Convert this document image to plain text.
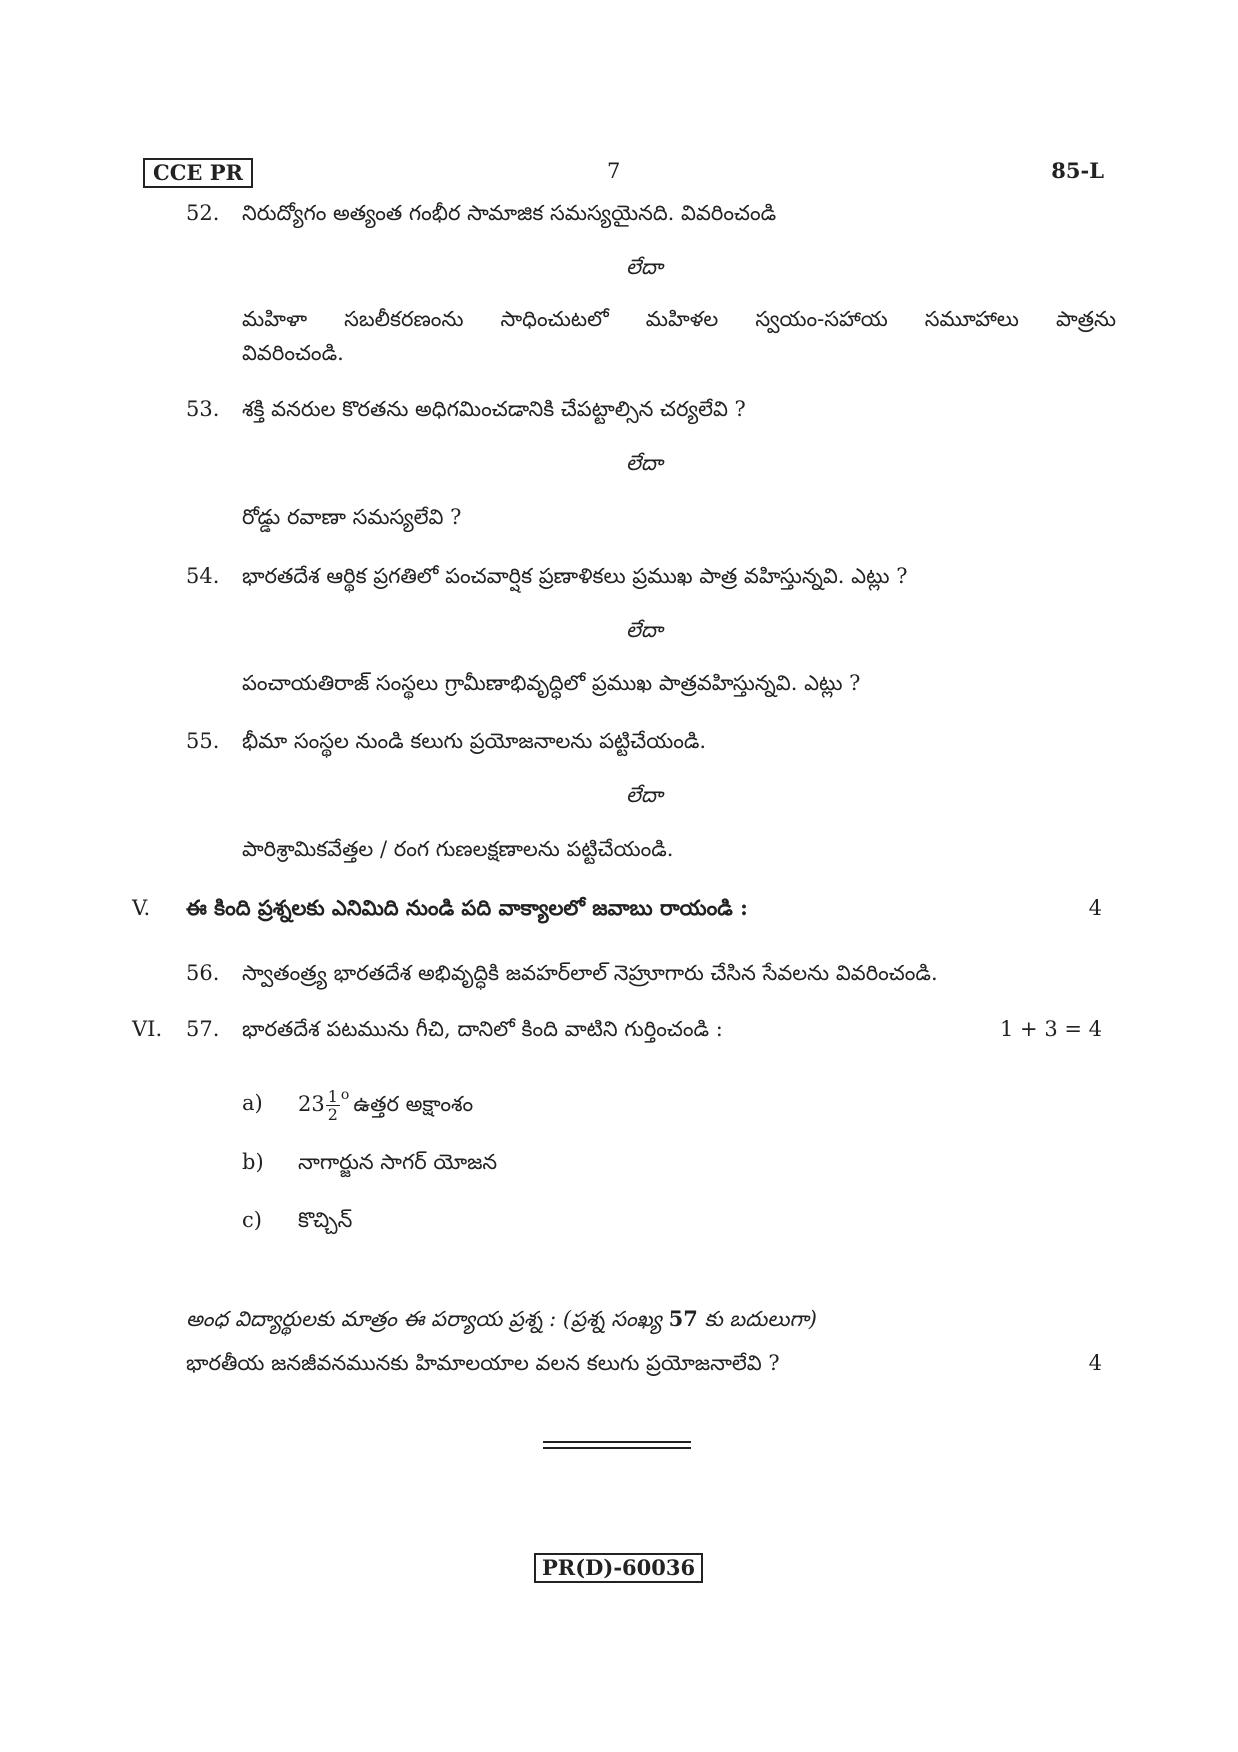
CCE PR	7	85-L
52. నిరుద్యోగం అత్యంత గంభీర సామాజిక సమస్యయైనది. వివరించండి
లేదా
మహిళా సబలీకరణంను సాధించుటలో మహిళల స్వయం-సహాయ సమూహాలు పాత్రను
వివరించండి.
53. శక్తి వనరుల కొరతను అధిగమించడానికి చేపట్టాల్సిన చర్యలేవి ?
లేదా
రోడ్డు రవాణా సమస్యలేవి ?
54. భారతదేశ ఆర్థిక ప్రగతిలో పంచవార్షిక ప్రణాళికలు ప్రముఖ పాత్ర వహిస్తున్నవి. ఎట్లు ?
లేదా
పంచాయతిరాజ్ సంస్థలు గ్రామీణాభివృద్ధిలో ప్రముఖ పాత్రవహిస్తున్నవి. ఎట్లు ?
55. భీమా సంస్థల నుండి కలుగు ప్రయోజనాలను పట్టిచేయండి.
లేదా
పారిశ్రామికవేత్తల / రంగ గుణలక్షణాలను పట్టిచేయండి.
V. ఈ కింది ప్రశ్నలకు ఎనిమిది నుండి పది వాక్యాలలో జవాబు రాయండి :	4
56. స్వాతంత్ర్య భారతదేశ అభివృద్ధికి జవహర్‌లాల్ నెహ్రూగారు చేసిన సేవలను వివరించండి.
VI. 57. భారతదేశ పటమును గీచి, దానిలో కింది వాటిని గుర్తించండి :	1 + 3 = 4
a) $23 \frac{1}{2} ^o$ ఉత్తర అక్షాంశం
b) నాగార్జున సాగర్ యోజన
c) కొచ్చిన్
అంధ విద్యార్థులకు మాత్రం ఈ పర్యాయ ప్రశ్న : (ప్రశ్న సంఖ్య 57 కు బదులుగా)
భారతీయ జనజీవనమునకు హిమాలయాల వలన కలుగు ప్రయోజనాలేవి ?	4
PR(D)-60036
